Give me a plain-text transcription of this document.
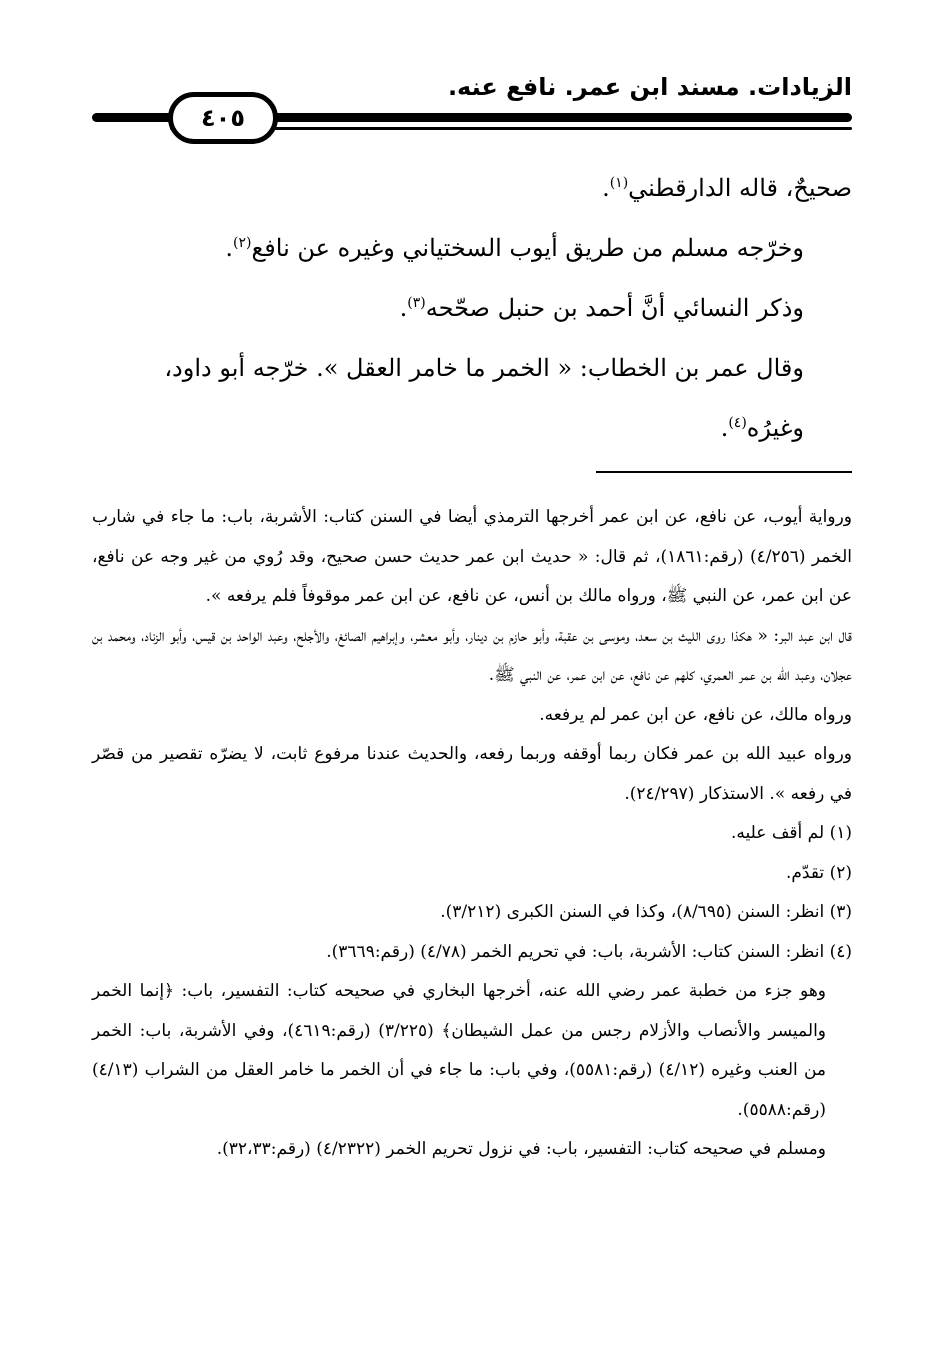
الزيادات. مسند ابن عمر. نافع عنه.
٤٠٥

صحيحٌ، قاله الدارقطني$^{(١)}$.

وخرّجه مسلم من طريق أيوب السختياني وغيره عن نافع$^{(٢)}$.

وذكر النسائي أنَّ أحمد بن حنبل صحّحه$^{(٣)}$.

وقال عمر بن الخطاب: « الخمر ما خامر العقل ». خرّجه أبو داود، وغيرُه$^{(٤)}$.

ورواية أيوب، عن نافع، عن ابن عمر أخرجها الترمذي أيضا في السنن كتاب: الأشربة، باب: ما جاء في شارب الخمر (٤/٢٥٦) (رقم:١٨٦١)، ثم قال: « حديث ابن عمر حديث حسن صحيح، وقد رُوي من غير وجه عن نافع، عن ابن عمر، عن النبي ﷺ، ورواه مالك بن أنس، عن نافع، عن ابن عمر موقوفاً فلم يرفعه ».

قال ابن عبد البر: « هكذا روى الليث بن سعد، وموسى بن عقبة، وأبو حازم بن دينار، وأبو معشر، وإبراهيم الصائغ، والأجلح، وعبد الواحد بن قيس، وأبو الزناد، ومحمد بن عجلان، وعبد الله بن عمر العمري، كلهم عن نافع، عن ابن عمر، عن النبي ﷺ.

ورواه مالك، عن نافع، عن ابن عمر لم يرفعه.

ورواه عبيد الله بن عمر فكان ربما أوقفه وربما رفعه، والحديث عندنا مرفوع ثابت، لا يضرّه تقصير من قصّر في رفعه ». الاستذكار (٢٤/٢٩٧).

(١) لم أقف عليه.

(٢) تقدّم.

(٣) انظر: السنن (٨/٦٩٥)، وكذا في السنن الكبرى (٣/٢١٢).

(٤) انظر: السنن كتاب: الأشربة، باب: في تحريم الخمر (٤/٧٨) (رقم:٣٦٦٩).

وهو جزء من خطبة عمر رضي الله عنه، أخرجها البخاري في صحيحه كتاب: التفسير، باب: ﴿إنما الخمر والميسر والأنصاب والأزلام رجس من عمل الشيطان﴾ (٣/٢٢٥) (رقم:٤٦١٩)، وفي الأشربة، باب: الخمر من العنب وغيره (٤/١٢) (رقم:٥٥٨١)، وفي باب: ما جاء في أن الخمر ما خامر العقل من الشراب (٤/١٣) (رقم:٥٥٨٨).

ومسلم في صحيحه كتاب: التفسير، باب: في نزول تحريم الخمر (٤/٢٣٢٢) (رقم:٣٢،٣٣).
